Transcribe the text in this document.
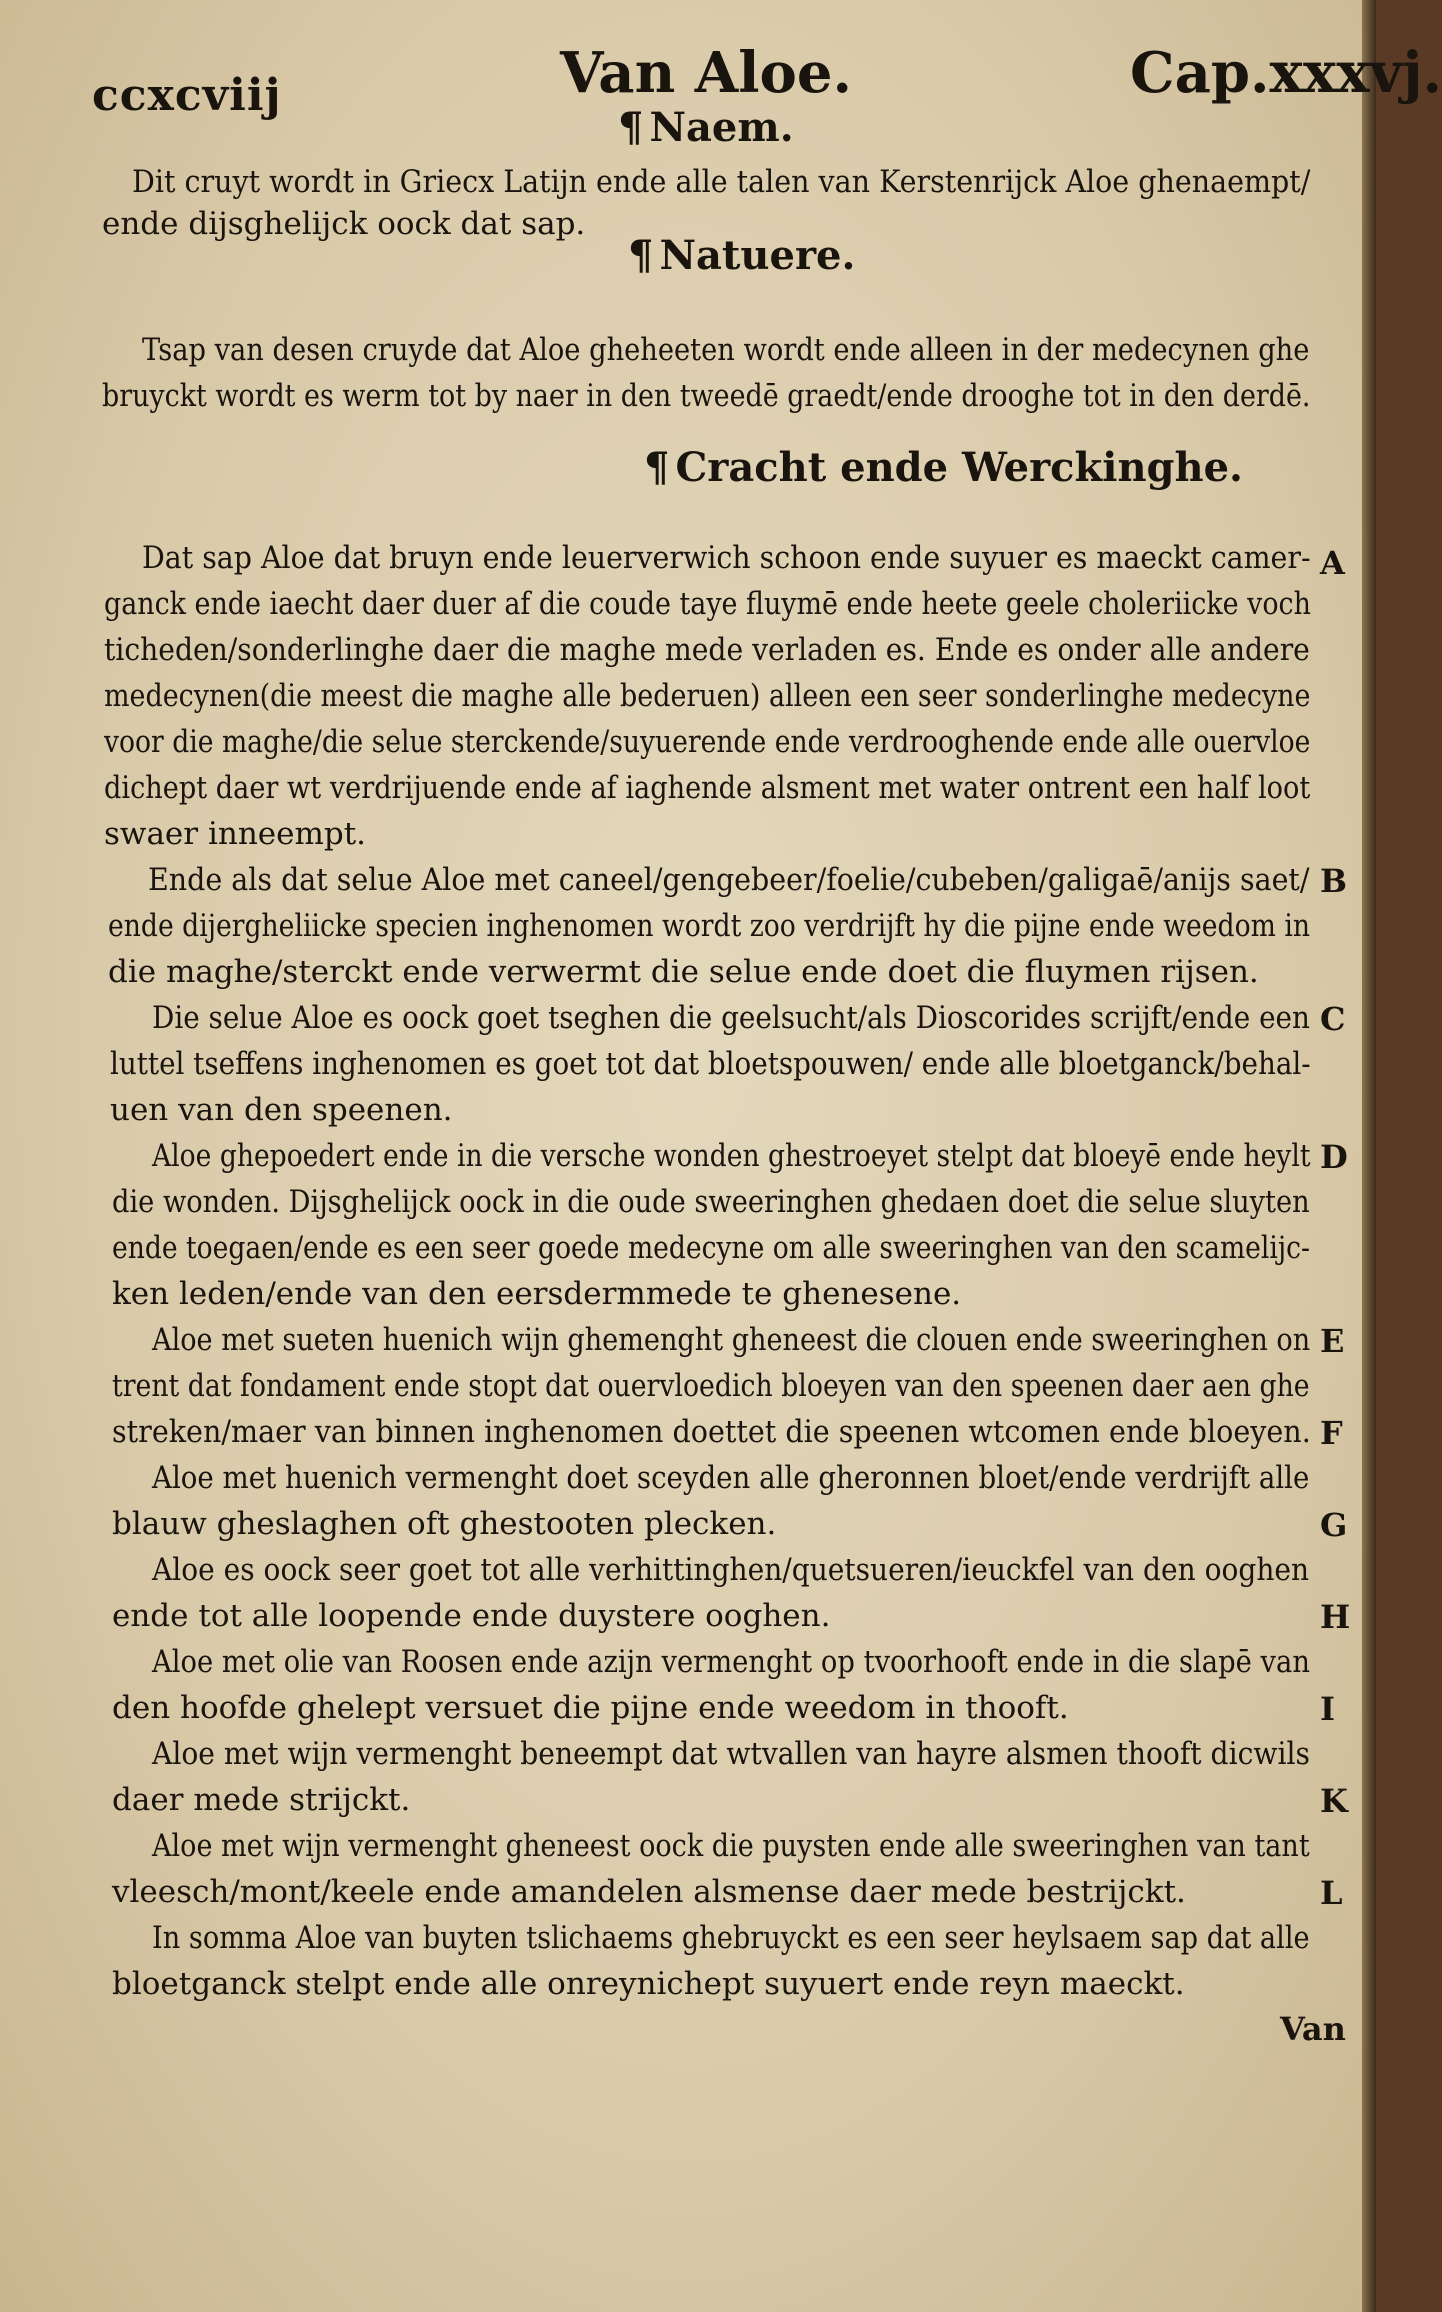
ccxcviij	Van Aloe.	Cap.xxxvj.
¶ Naem.
Dit cruyt wordt in Griecx Latijn ende alle talen van Kerstenrijck Aloe ghenaempt/
ende dijsghelijck oock dat sap.
¶ Natuere.
Tsap van desen cruyde dat Aloe gheheeten wordt ende alleen in der medecynen ghe
bruyckt wordt es werm tot by naer in den tweedē graedt/ende drooghe tot in den derdē.
¶ Cracht ende Werckinghe.
Dat sap Aloe dat bruyn ende leuerverwich schoon ende suyuer es maeckt camer-
ganck ende iaecht daer duer af die coude taye fluymē ende heete geele choleriicke voch
ticheden/sonderlinghe daer die maghe mede verladen es. Ende es onder alle andere
medecynen(die meest die maghe alle bederuen) alleen een seer sonderlinghe medecyne
voor die maghe/die selue sterckende/suyuerende ende verdrooghende ende alle ouervloe
dichept daer wt verdrijuende ende af iaghende alsment met water ontrent een half loot
swaer inneempt.
Ende als dat selue Aloe met caneel/gengebeer/foelie/cubeben/galigaē/anijs saet/
ende dijergheliicke specien inghenomen wordt zoo verdrijft hy die pijne ende weedom in
die maghe/sterckt ende verwermt die selue ende doet die fluymen rijsen.
Die selue Aloe es oock goet tseghen die geelsucht/als Dioscorides scrijft/ende een
luttel tseffens inghenomen es goet tot dat bloetspouwen/ ende alle bloetganck/behal-
uen van den speenen.
Aloe ghepoedert ende in die versche wonden ghestroeyet stelpt dat bloeyē ende heylt
die wonden. Dijsghelijck oock in die oude sweeringhen ghedaen doet die selue sluyten
ende toegaen/ende es een seer goede medecyne om alle sweeringhen van den scamelijc-
ken leden/ende van den eersdermmede te ghenesene.
Aloe met sueten huenich wijn ghemenght gheneest die clouen ende sweeringhen on
trent dat fondament ende stopt dat ouervloedich bloeyen van den speenen daer aen ghe
streken/maer van binnen inghenomen doettet die speenen wtcomen ende bloeyen.
Aloe met huenich vermenght doet sceyden alle gheronnen bloet/ende verdrijft alle
blauw gheslaghen oft ghestooten plecken.
Aloe es oock seer goet tot alle verhittinghen/quetsueren/ieuckfel van den ooghen
ende tot alle loopende ende duystere ooghen.
Aloe met olie van Roosen ende azijn vermenght op tvoorhooft ende in die slapē van
den hoofde ghelept versuet die pijne ende weedom in thooft.
Aloe met wijn vermenght beneempt dat wtvallen van hayre alsmen thooft dicwils
daer mede strijckt.
Aloe met wijn vermenght gheneest oock die puysten ende alle sweeringhen van tant
vleesch/mont/keele ende amandelen alsmense daer mede bestrijckt.
In somma Aloe van buyten tslichaems ghebruyckt es een seer heylsaem sap dat alle
bloetganck stelpt ende alle onreynichept suyuert ende reyn maeckt.
A
B
C
D
E
F
G
H
I
K
L
Van
